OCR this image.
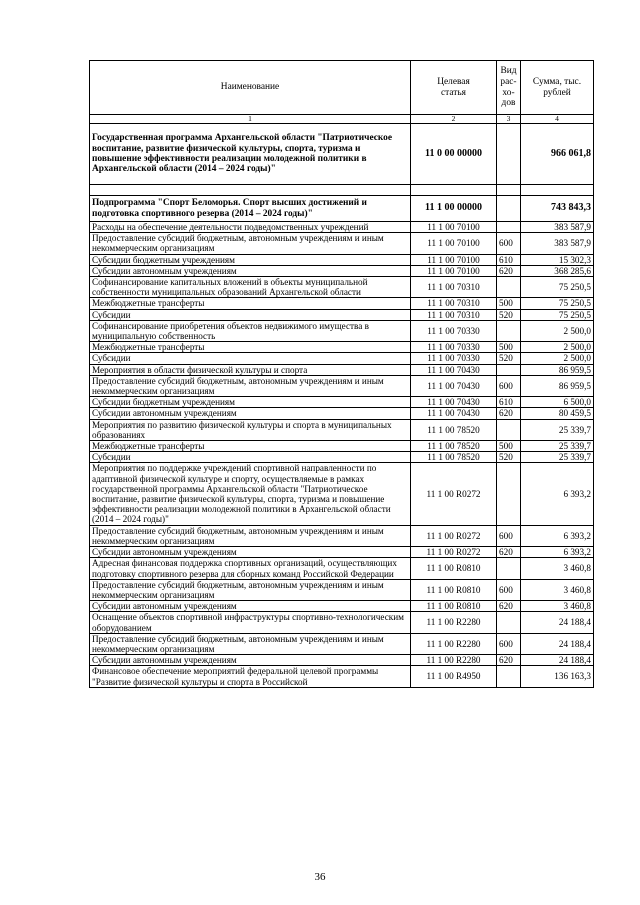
Наименование	Целевая статья	Вид рас-хо-дов	Сумма, тыс. рублей
1	2	3	4
Государственная программа Архангельской области "Патриотическое воспитание, развитие физической культуры, спорта, туризма и повышение эффективности реализации молодежной политики в Архангельской области (2014 – 2024 годы)"	11 0 00 00000		966 061,8

Подпрограмма "Спорт Беломорья. Спорт высших достижений и подготовка спортивного резерва (2014 – 2024 годы)"	11 1 00 00000		743 843,3
Расходы на обеспечение деятельности подведомственных учреждений	11 1 00 70100		383 587,9
Предоставление субсидий бюджетным, автономным учреждениям и иным некоммерческим организациям	11 1 00 70100	600	383 587,9
Субсидии бюджетным учреждениям	11 1 00 70100	610	15 302,3
Субсидии автономным учреждениям	11 1 00 70100	620	368 285,6
Софинансирование капитальных вложений в объекты муниципальной собственности муниципальных образований Архангельской области	11 1 00 70310		75 250,5
Межбюджетные трансферты	11 1 00 70310	500	75 250,5
Субсидии	11 1 00 70310	520	75 250,5
Софинансирование приобретения объектов недвижимого имущества в муниципальную собственность	11 1 00 70330		2 500,0
Межбюджетные трансферты	11 1 00 70330	500	2 500,0
Субсидии	11 1 00 70330	520	2 500,0
Мероприятия в области физической культуры и спорта	11 1 00 70430		86 959,5
Предоставление субсидий бюджетным, автономным учреждениям и иным некоммерческим организациям	11 1 00 70430	600	86 959,5
Субсидии бюджетным учреждениям	11 1 00 70430	610	6 500,0
Субсидии автономным учреждениям	11 1 00 70430	620	80 459,5
Мероприятия по развитию физической культуры и спорта в муниципальных образованиях	11 1 00 78520		25 339,7
Межбюджетные трансферты	11 1 00 78520	500	25 339,7
Субсидии	11 1 00 78520	520	25 339,7
Мероприятия по поддержке учреждений спортивной направленности по адаптивной физической культуре и спорту, осуществляемые в рамках государственной программы Архангельской области "Патриотическое воспитание, развитие физической культуры, спорта, туризма и повышение эффективности реализации молодежной политики в Архангельской области (2014 – 2024 годы)"	11 1 00 R0272		6 393,2
Предоставление субсидий бюджетным, автономным учреждениям и иным некоммерческим организациям	11 1 00 R0272	600	6 393,2
Субсидии автономным учреждениям	11 1 00 R0272	620	6 393,2
Адресная финансовая поддержка спортивных организаций, осуществляющих подготовку спортивного резерва для сборных команд Российской Федерации	11 1 00 R0810		3 460,8
Предоставление субсидий бюджетным, автономным учреждениям и иным некоммерческим организациям	11 1 00 R0810	600	3 460,8
Субсидии автономным учреждениям	11 1 00 R0810	620	3 460,8
Оснащение объектов спортивной инфраструктуры спортивно-технологическим оборудованием	11 1 00 R2280		24 188,4
Предоставление субсидий бюджетным, автономным учреждениям и иным некоммерческим организациям	11 1 00 R2280	600	24 188,4
Субсидии автономным учреждениям	11 1 00 R2280	620	24 188,4
Финансовое обеспечение мероприятий федеральной целевой программы "Развитие физической культуры и спорта в Российской	11 1 00 R4950		136 163,3
36
